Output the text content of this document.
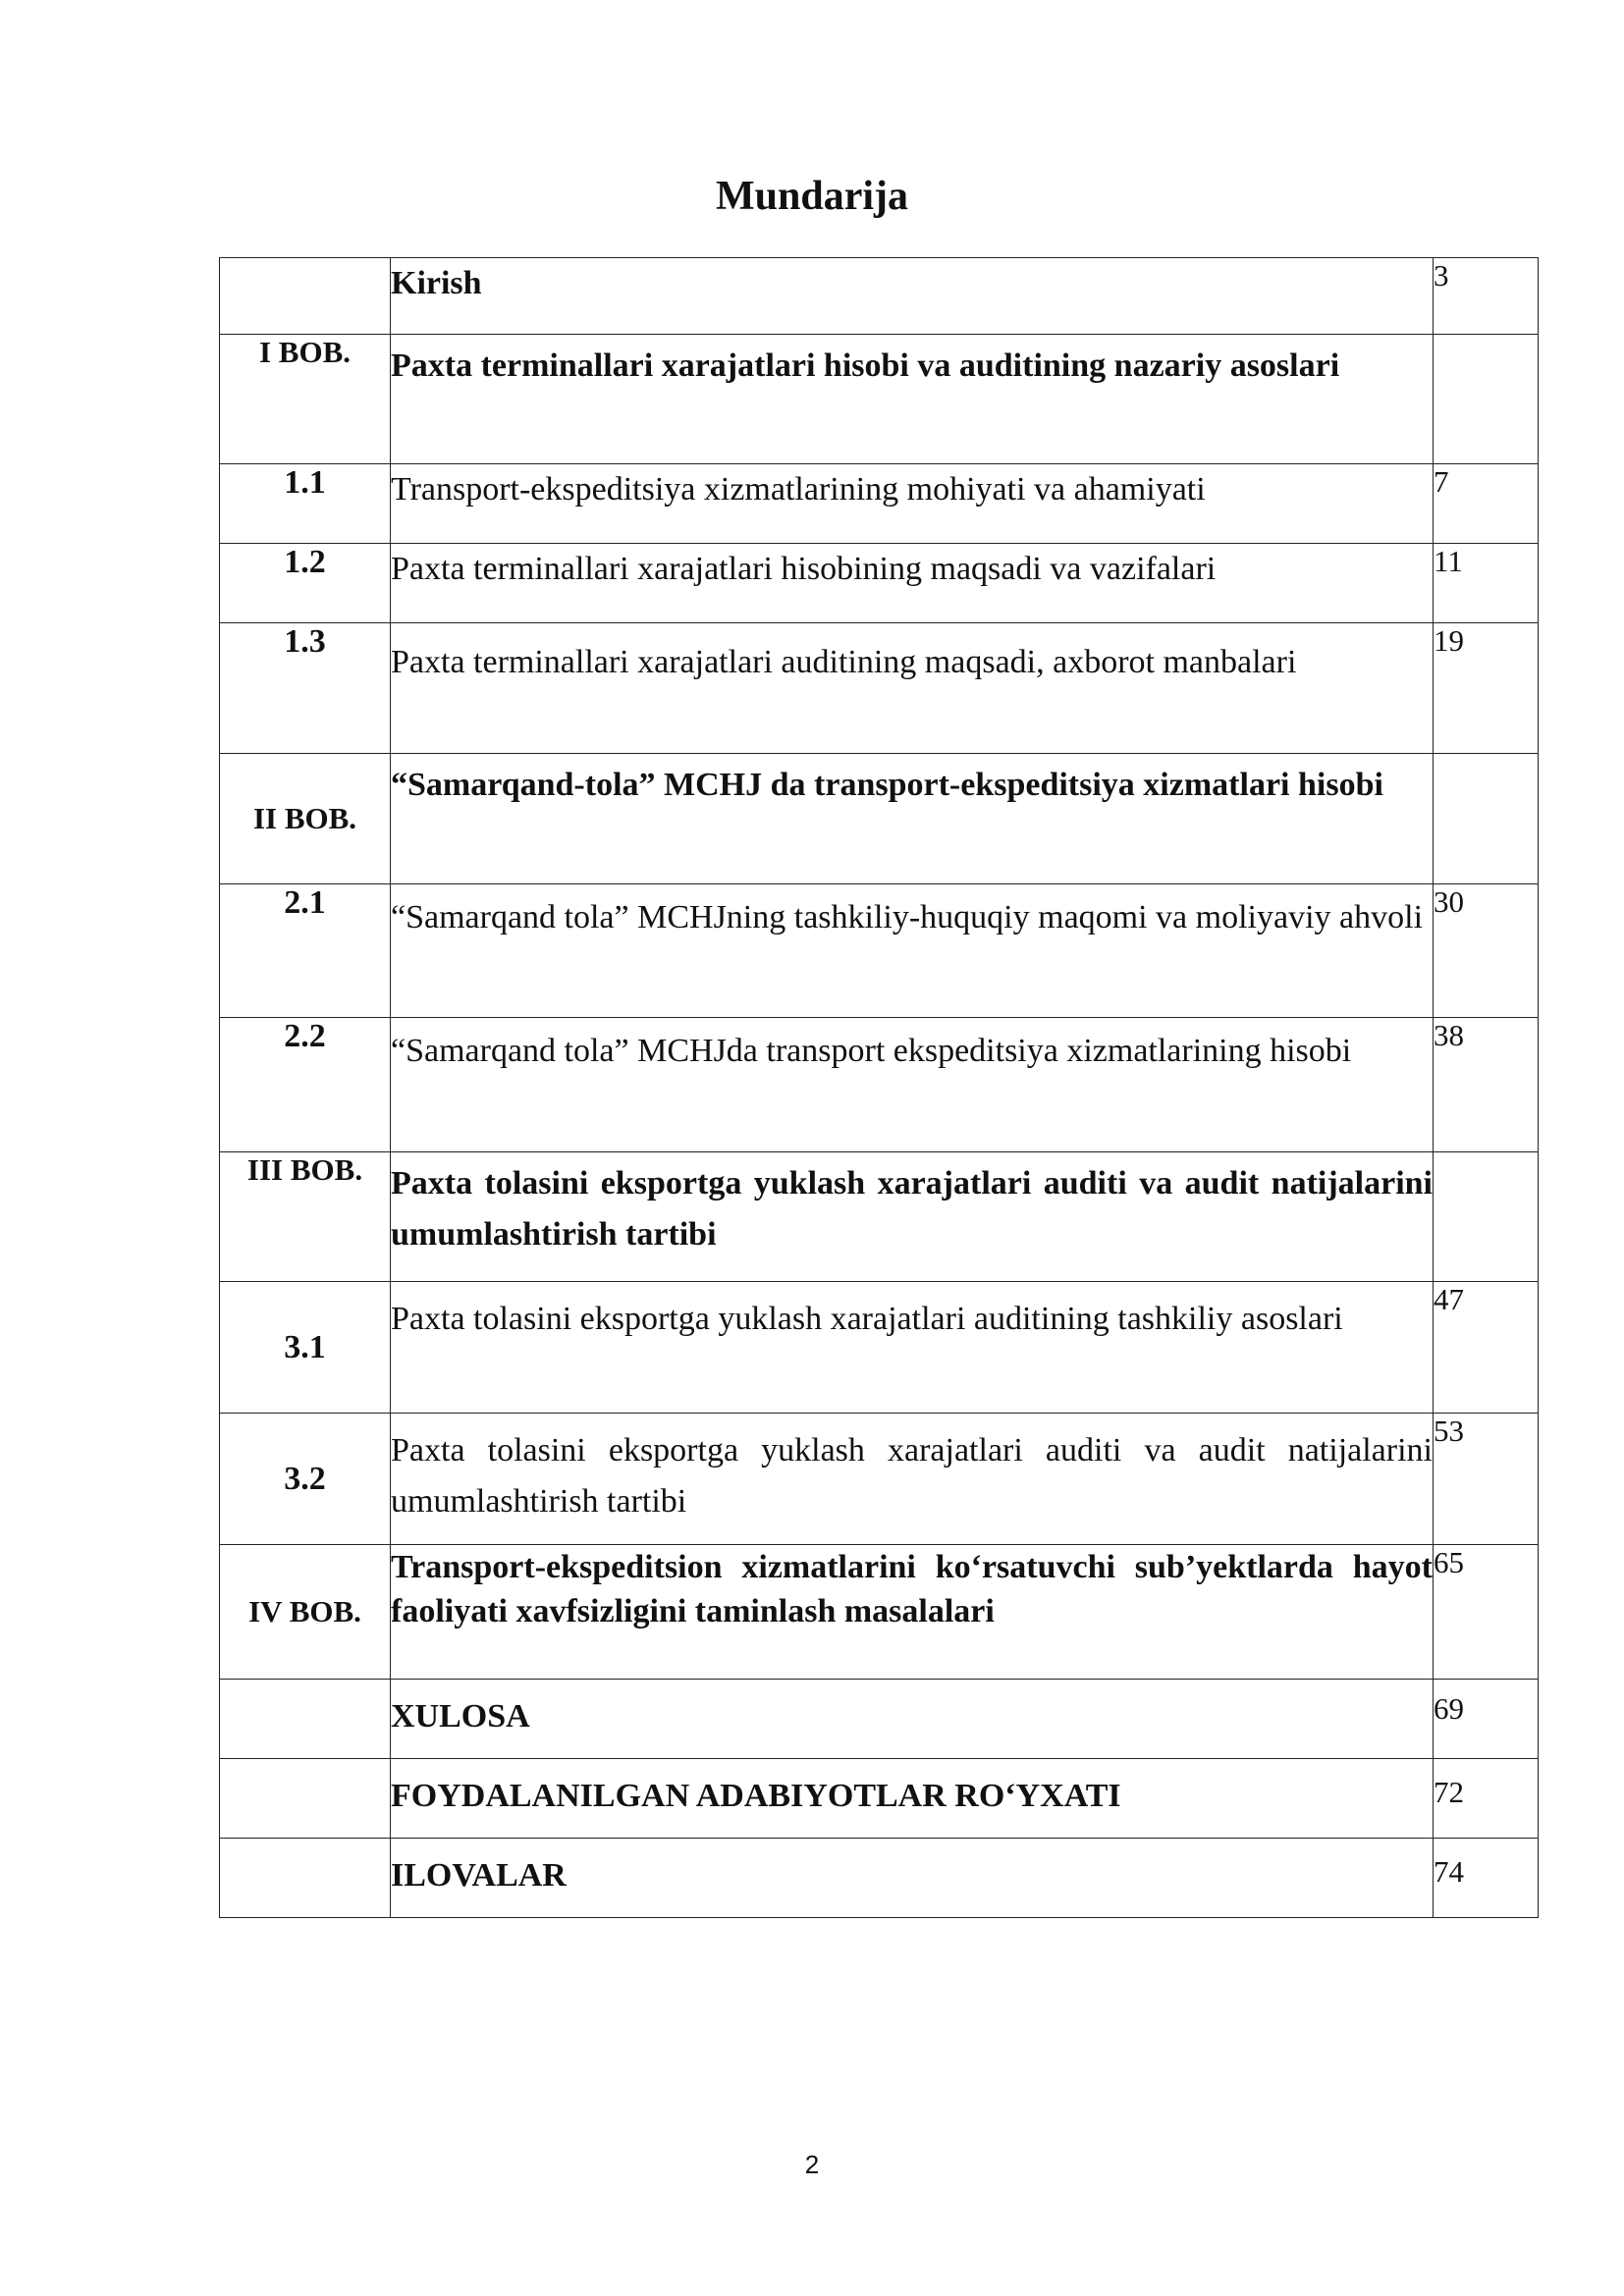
Mundarija
	Kirish	3
I BOB.	Paxta terminallari xarajatlari hisobi va auditining nazariy asoslari	
1.1	Transport-ekspeditsiya xizmatlarining mohiyati va ahamiyati	7
1.2	Paxta terminallari xarajatlari hisobining maqsadi va vazifalari	11
1.3	Paxta terminallari xarajatlari auditining maqsadi, axborot manbalari	19
II BOB.	“Samarqand-tola” MCHJ da transport-ekspeditsiya xizmatlari hisobi	
2.1	“Samarqand tola” MCHJning tashkiliy-huquqiy maqomi va moliyaviy ahvoli	30
2.2	“Samarqand tola” MCHJda transport ekspeditsiya xizmatlarining hisobi	38
III BOB.	Paxta tolasini eksportga yuklash xarajatlari auditi va audit natijalarini umumlashtirish tartibi	
3.1	Paxta tolasini eksportga yuklash xarajatlari auditining tashkiliy asoslari	47
3.2	Paxta tolasini eksportga yuklash xarajatlari auditi va audit natijalarini umumlashtirish tartibi	53
IV BOB.	Transport-ekspeditsion xizmatlarini ko‘rsatuvchi sub’yektlarda hayot faoliyati xavfsizligini taminlash masalalari	65
	XULOSA	69
	FOYDALANILGAN ADABIYOTLAR RO‘YXATI	72
	ILOVALAR	74
2
